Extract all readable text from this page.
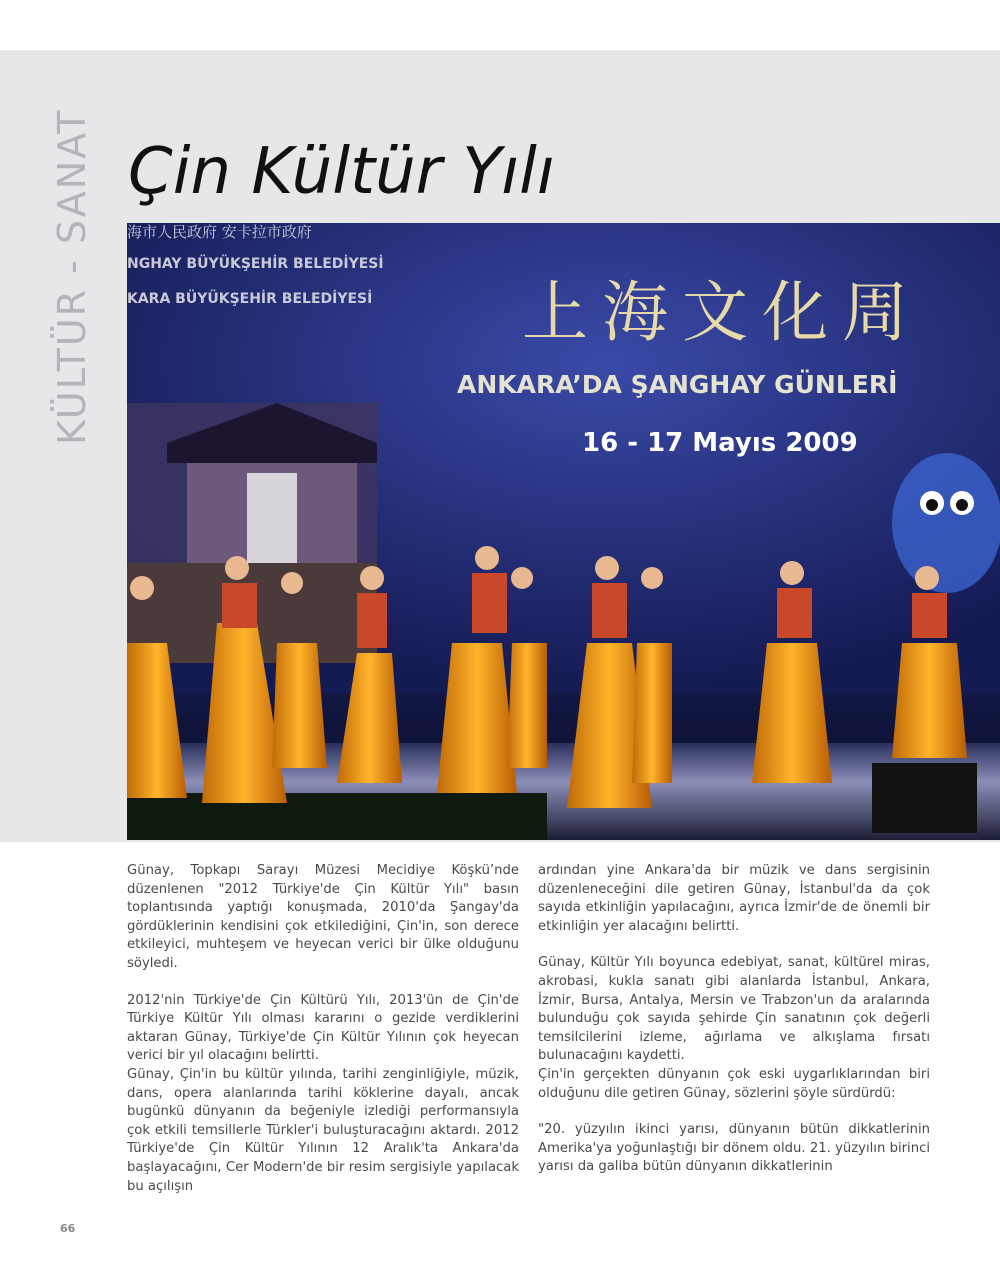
KÜLTÜR - SANAT Çin Kültür Yılı
海市人民政府 安卡拉市政府
NGHAY BÜYÜKŞEHİR BELEDİYESİ
KARA BÜYÜKŞEHİR BELEDİYESİ 上海文化周
ANKARA’DA ŞANGHAY GÜNLERİ
16 - 17 Mayıs 2009

Günay, Topkapı Sarayı Müzesi Mecidiye Köşkü’nde düzenlenen "2012 Türkiye'de Çin Kültür Yılı" basın toplantısında yaptığı konuşmada, 2010'da Şangay'da gördüklerinin kendisini çok etkilediğini, Çin'in, son derece etkileyici, muhteşem ve heyecan verici bir ülke olduğunu söyledi.

2012'nin Türkiye'de Çin Kültürü Yılı, 2013'ün de Çin'de Türkiye Kültür Yılı olması kararını o gezide verdiklerini aktaran Günay, Türkiye'de Çin Kültür Yılının çok heyecan verici bir yıl olacağını belirtti.

Günay, Çin'in bu kültür yılında, tarihi zenginliğiyle, müzik, dans, opera alanlarında tarihi köklerine dayalı, ancak bugünkü dünyanın da beğeniyle izlediği performansıyla çok etkili temsillerle Türkler'i buluşturacağını aktardı. 2012 Türkiye'de Çin Kültür Yılının 12 Aralık'ta Ankara'da başlayacağını, Cer Modern'de bir resim sergisiyle yapılacak bu açılışın

ardından yine Ankara'da bir müzik ve dans sergisinin düzenleneceğini dile getiren Günay, İstanbul'da da çok sayıda etkinliğin yapılacağını, ayrıca İzmir'de de önemli bir etkinliğin yer alacağını belirtti.

Günay, Kültür Yılı boyunca edebiyat, sanat, kültürel miras, akrobasi, kukla sanatı gibi alanlarda İstanbul, Ankara, İzmir, Bursa, Antalya, Mersin ve Trabzon'un da aralarında bulunduğu çok sayıda şehirde Çin sanatının çok değerli temsilcilerini izleme, ağırlama ve alkışlama fırsatı bulunacağını kaydetti.

Çin'in gerçekten dünyanın çok eski uygarlıklarından biri olduğunu dile getiren Günay, sözlerini şöyle sürdürdü:

"20. yüzyılın ikinci yarısı, dünyanın bütün dikkatlerinin Amerika'ya yoğunlaştığı bir dönem oldu. 21. yüzyılın birinci yarısı da galiba bütün dünyanın dikkatlerinin

66
